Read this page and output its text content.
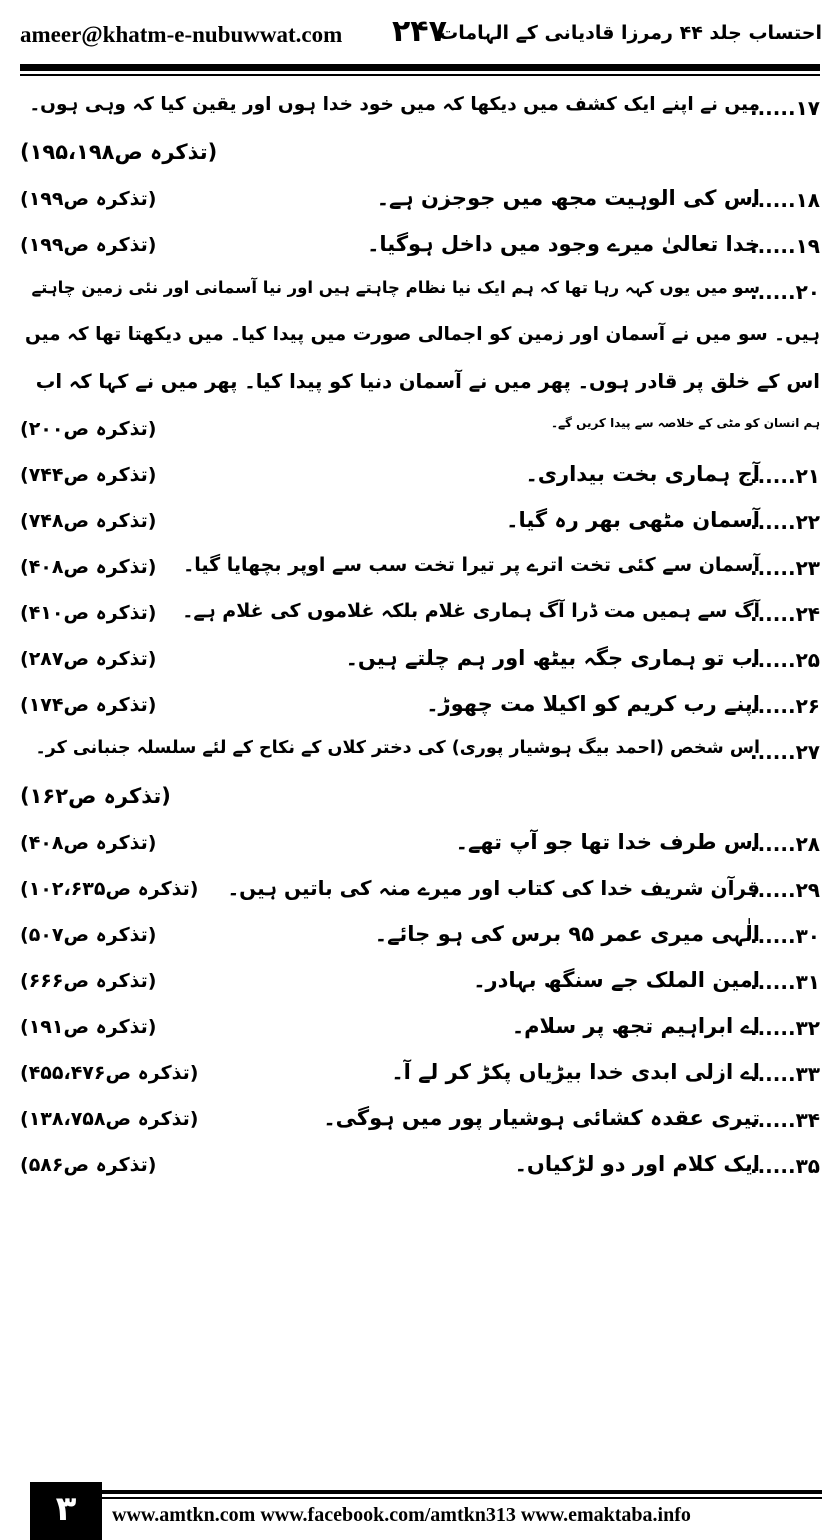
ameer@khatm-e-nubuwwat.com ۲۴۷
احتساب جلد ۴۴ رمرزا قادیانی کے الہامات
۱۷......
میں نے اپنے ایک کشف میں دیکھا کہ میں خود خدا ہوں اور یقین کیا کہ وہی ہوں۔
(تذکرہ ص۱۹۵،۱۹۸)
۱۸......
اس کی الوہیت مجھ میں جوجزن ہے۔
(تذکرہ ص۱۹۹)
۱۹......
خدا تعالیٰ میرے وجود میں داخل ہوگیا۔
(تذکرہ ص۱۹۹)
۲۰......
سو میں یوں کہہ رہا تھا کہ ہم ایک نیا نظام چاہتے ہیں اور نیا آسمانی اور نئی زمین چاہتے
ہیں۔ سو میں نے آسمان اور زمین کو اجمالی صورت میں پیدا کیا۔ میں دیکھتا تھا کہ میں
اس کے خلق پر قادر ہوں۔ پھر میں نے آسمان دنیا کو پیدا کیا۔ پھر میں نے کہا کہ اب
ہم انسان کو مٹی کے خلاصہ سے پیدا کریں گے۔
(تذکرہ ص۲۰۰)
۲۱......
آج ہماری بخت بیداری۔
(تذکرہ ص۷۴۴)
۲۲......
آسمان مٹھی بھر رہ گیا۔
(تذکرہ ص۷۴۸)
۲۳......
آسمان سے کئی تخت اترے پر تیرا تخت سب سے اوپر بچھایا گیا۔
(تذکرہ ص۴۰۸)
۲۴......
آگ سے ہمیں مت ڈرا آگ ہماری غلام بلکہ غلاموں کی غلام ہے۔
(تذکرہ ص۴۱۰)
۲۵......
اب تو ہماری جگہ بیٹھ اور ہم چلتے ہیں۔
(تذکرہ ص۲۸۷)
۲۶......
اپنے رب کریم کو اکیلا مت چھوڑ۔
(تذکرہ ص۱۷۴)
۲۷......
اس شخص (احمد بیگ ہوشیار پوری) کی دختر کلاں کے نکاح کے لئے سلسلہ جنبانی کر۔
(تذکرہ ص۱۶۲)
۲۸......
اس طرف خدا تھا جو آپ تھے۔
(تذکرہ ص۴۰۸)
۲۹......
قرآن شریف خدا کی کتاب اور میرے منہ کی باتیں ہیں۔
(تذکرہ ص۱۰۲،۶۳۵)
۳۰......
الٰہی میری عمر ۹۵ برس کی ہو جائے۔
(تذکرہ ص۵۰۷)
۳۱......
امین الملک جے سنگھ بہادر۔
(تذکرہ ص۶۶۶)
۳۲......
اے ابراہیم تجھ پر سلام۔
(تذکرہ ص۱۹۱)
۳۳......
اے ازلی ابدی خدا بیڑیاں پکڑ کر لے آ۔
(تذکرہ ص۴۵۵،۴۷۶)
۳۴......
تیری عقدہ کشائی ہوشیار پور میں ہوگی۔
(تذکرہ ص۱۳۸،۷۵۸)
۳۵......
ایک کلام اور دو لڑکیاں۔
(تذکرہ ص۵۸۶)
۳	www.amtkn.com www.facebook.com/amtkn313 www.emaktaba.info
